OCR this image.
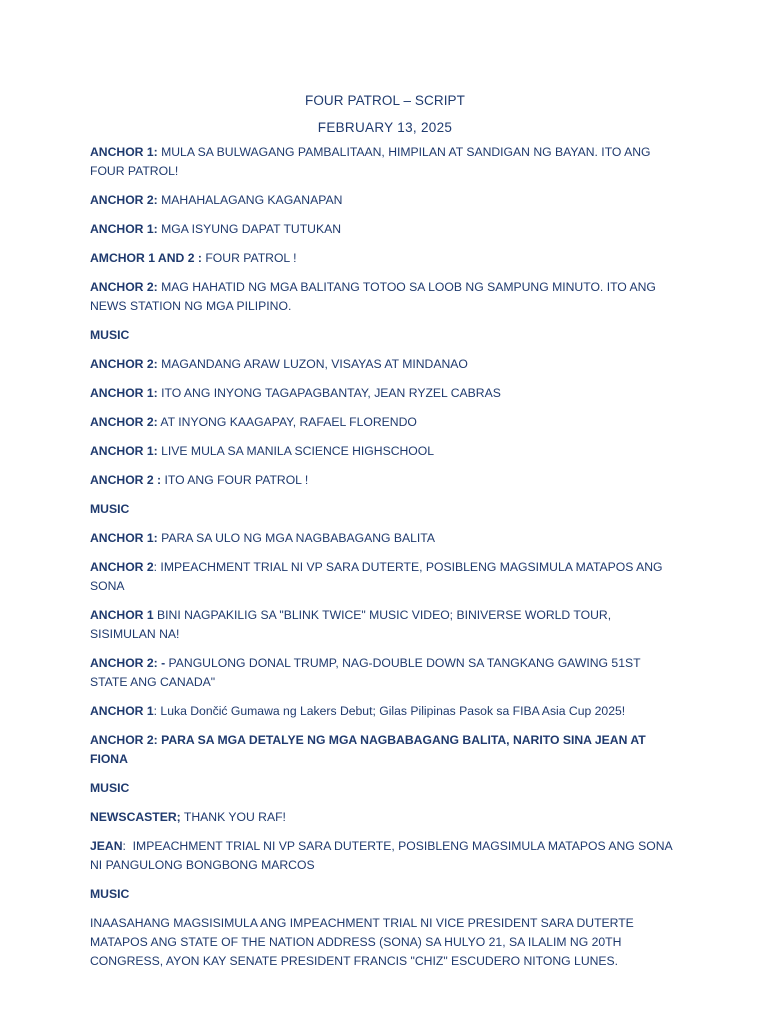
FOUR PATROL – SCRIPT
FEBRUARY 13, 2025

ANCHOR 1: MULA SA BULWAGANG PAMBALITAAN, HIMPILAN AT SANDIGAN NG BAYAN. ITO ANG FOUR PATROL!

ANCHOR 2: MAHAHALAGANG KAGANAPAN

ANCHOR 1: MGA ISYUNG DAPAT TUTUKAN

AMCHOR 1 AND 2 : FOUR PATROL !

ANCHOR 2: MAG HAHATID NG MGA BALITANG TOTOO SA LOOB NG SAMPUNG MINUTO. ITO ANG NEWS STATION NG MGA PILIPINO.

MUSIC

ANCHOR 2: MAGANDANG ARAW LUZON, VISAYAS AT MINDANAO

ANCHOR 1: ITO ANG INYONG TAGAPAGBANTAY, JEAN RYZEL CABRAS

ANCHOR 2: AT INYONG KAAGAPAY, RAFAEL FLORENDO

ANCHOR 1: LIVE MULA SA MANILA SCIENCE HIGHSCHOOL

ANCHOR 2 : ITO ANG FOUR PATROL !

MUSIC

ANCHOR 1: PARA SA ULO NG MGA NAGBABAGANG BALITA

ANCHOR 2: IMPEACHMENT TRIAL NI VP SARA DUTERTE, POSIBLENG MAGSIMULA MATAPOS ANG SONA

ANCHOR 1 BINI NAGPAKILIG SA "BLINK TWICE" MUSIC VIDEO; BINIVERSE WORLD TOUR, SISIMULAN NA!

ANCHOR 2: - PANGULONG DONAL TRUMP, NAG-DOUBLE DOWN SA TANGKANG GAWING 51ST STATE ANG CANADA"

ANCHOR 1: Luka Dončić Gumawa ng Lakers Debut; Gilas Pilipinas Pasok sa FIBA Asia Cup 2025!

ANCHOR 2: PARA SA MGA DETALYE NG MGA NAGBABAGANG BALITA, NARITO SINA JEAN AT FIONA

MUSIC

NEWSCASTER; THANK YOU RAF!

JEAN:  IMPEACHMENT TRIAL NI VP SARA DUTERTE, POSIBLENG MAGSIMULA MATAPOS ANG SONA NI PANGULONG BONGBONG MARCOS

MUSIC

INAASAHANG MAGSISIMULA ANG IMPEACHMENT TRIAL NI VICE PRESIDENT SARA DUTERTE MATAPOS ANG STATE OF THE NATION ADDRESS (SONA) SA HULYO 21, SA ILALIM NG 20TH CONGRESS, AYON KAY SENATE PRESIDENT FRANCIS "CHIZ" ESCUDERO NITONG LUNES.
